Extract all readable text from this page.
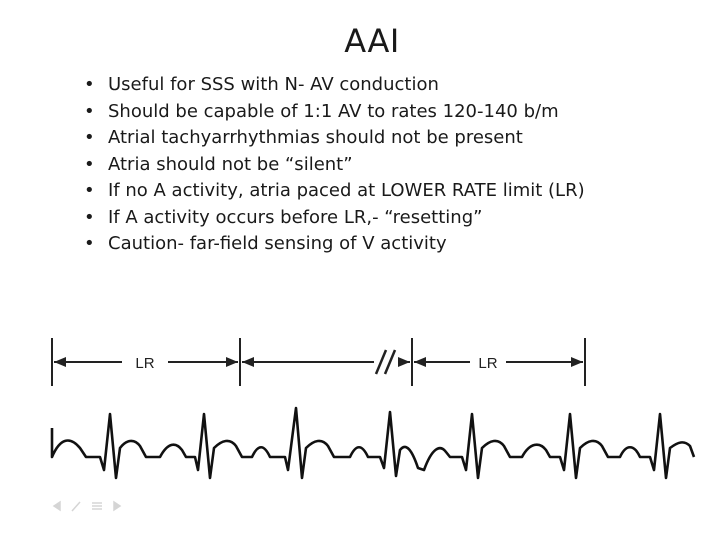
AAI
• Useful for SSS with N- AV conduction
• Should be capable of 1:1 AV to rates 120-140 b/m
• Atrial tachyarrhythmias should not be present
• Atria should not be “silent”
• If no A activity, atria paced at LOWER RATE limit (LR)
• If A activity occurs before LR,- “resetting”
• Caution- far-field sensing of V activity
LR	LR
